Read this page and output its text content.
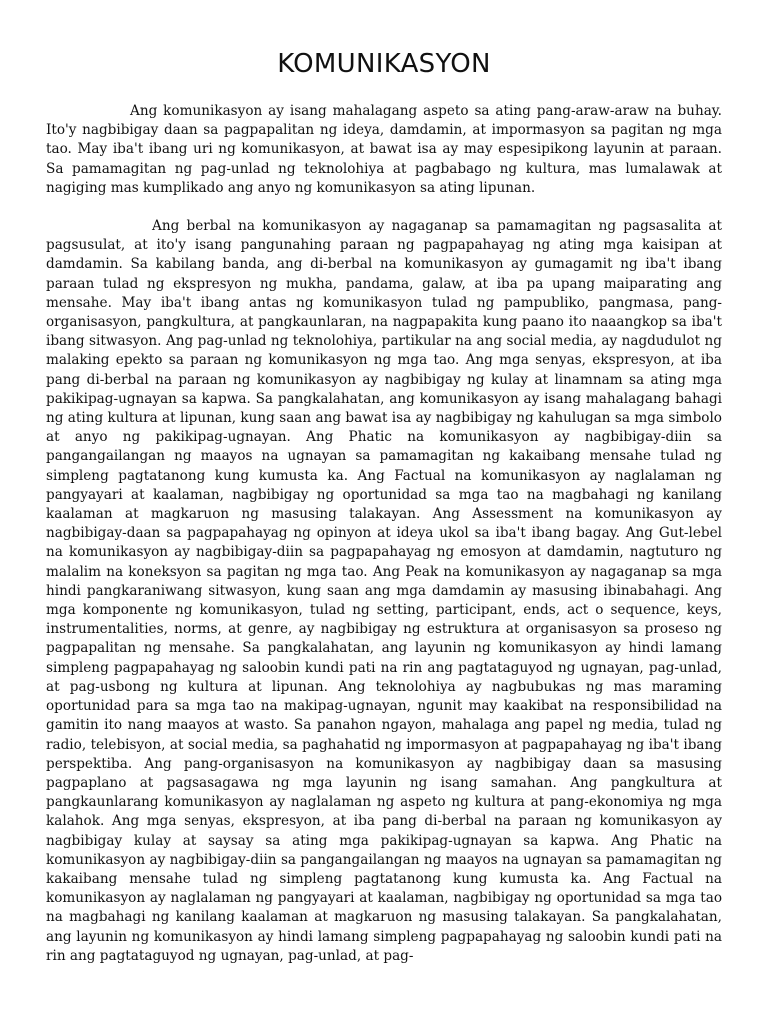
KOMUNIKASYON

Ang komunikasyon ay isang mahalagang aspeto sa ating pang-araw-araw na buhay. Ito'y nagbibigay daan sa pagpapalitan ng ideya, damdamin, at impormasyon sa pagitan ng mga tao. May iba't ibang uri ng komunikasyon, at bawat isa ay may espesipikong layunin at paraan. Sa pamamagitan ng pag-unlad ng teknolohiya at pagbabago ng kultura, mas lumalawak at nagiging mas kumplikado ang anyo ng komunikasyon sa ating lipunan.

Ang berbal na komunikasyon ay nagaganap sa pamamagitan ng pagsasalita at pagsusulat, at ito'y isang pangunahing paraan ng pagpapahayag ng ating mga kaisipan at damdamin. Sa kabilang banda, ang di-berbal na komunikasyon ay gumagamit ng iba't ibang paraan tulad ng ekspresyon ng mukha, pandama, galaw, at iba pa upang maiparating ang mensahe. May iba't ibang antas ng komunikasyon tulad ng pampubliko, pangmasa, pang-organisasyon, pangkultura, at pangkaunlaran, na nagpapakita kung paano ito naaangkop sa iba't ibang sitwasyon. Ang pag-unlad ng teknolohiya, partikular na ang social media, ay nagdudulot ng malaking epekto sa paraan ng komunikasyon ng mga tao. Ang mga senyas, ekspresyon, at iba pang di-berbal na paraan ng komunikasyon ay nagbibigay ng kulay at linamnam sa ating mga pakikipag-ugnayan sa kapwa. Sa pangkalahatan, ang komunikasyon ay isang mahalagang bahagi ng ating kultura at lipunan, kung saan ang bawat isa ay nagbibigay ng kahulugan sa mga simbolo at anyo ng pakikipag-ugnayan. Ang Phatic na komunikasyon ay nagbibigay-diin sa pangangailangan ng maayos na ugnayan sa pamamagitan ng kakaibang mensahe tulad ng simpleng pagtatanong kung kumusta ka. Ang Factual na komunikasyon ay naglalaman ng pangyayari at kaalaman, nagbibigay ng oportunidad sa mga tao na magbahagi ng kanilang kaalaman at magkaruon ng masusing talakayan. Ang Assessment na komunikasyon ay nagbibigay-daan sa pagpapahayag ng opinyon at ideya ukol sa iba't ibang bagay. Ang Gut-lebel na komunikasyon ay nagbibigay-diin sa pagpapahayag ng emosyon at damdamin, nagtuturo ng malalim na koneksyon sa pagitan ng mga tao. Ang Peak na komunikasyon ay nagaganap sa mga hindi pangkaraniwang sitwasyon, kung saan ang mga damdamin ay masusing ibinabahagi. Ang mga komponente ng komunikasyon, tulad ng setting, participant, ends, act o sequence, keys, instrumentalities, norms, at genre, ay nagbibigay ng estruktura at organisasyon sa proseso ng pagpapalitan ng mensahe. Sa pangkalahatan, ang layunin ng komunikasyon ay hindi lamang simpleng pagpapahayag ng saloobin kundi pati na rin ang pagtataguyod ng ugnayan, pag-unlad, at pag-usbong ng kultura at lipunan. Ang teknolohiya ay nagbubukas ng mas maraming oportunidad para sa mga tao na makipag-ugnayan, ngunit may kaakibat na responsibilidad na gamitin ito nang maayos at wasto. Sa panahon ngayon, mahalaga ang papel ng media, tulad ng radio, telebisyon, at social media, sa paghahatid ng impormasyon at pagpapahayag ng iba't ibang perspektiba. Ang pang-organisasyon na komunikasyon ay nagbibigay daan sa masusing pagpaplano at pagsasagawa ng mga layunin ng isang samahan. Ang pangkultura at pangkaunlarang komunikasyon ay naglalaman ng aspeto ng kultura at pang-ekonomiya ng mga kalahok. Ang mga senyas, ekspresyon, at iba pang di-berbal na paraan ng komunikasyon ay nagbibigay kulay at saysay sa ating mga pakikipag-ugnayan sa kapwa. Ang Phatic na komunikasyon ay nagbibigay-diin sa pangangailangan ng maayos na ugnayan sa pamamagitan ng kakaibang mensahe tulad ng simpleng pagtatanong kung kumusta ka. Ang Factual na komunikasyon ay naglalaman ng pangyayari at kaalaman, nagbibigay ng oportunidad sa mga tao na magbahagi ng kanilang kaalaman at magkaruon ng masusing talakayan. Sa pangkalahatan, ang layunin ng komunikasyon ay hindi lamang simpleng pagpapahayag ng saloobin kundi pati na rin ang pagtataguyod ng ugnayan, pag-unlad, at pag-
